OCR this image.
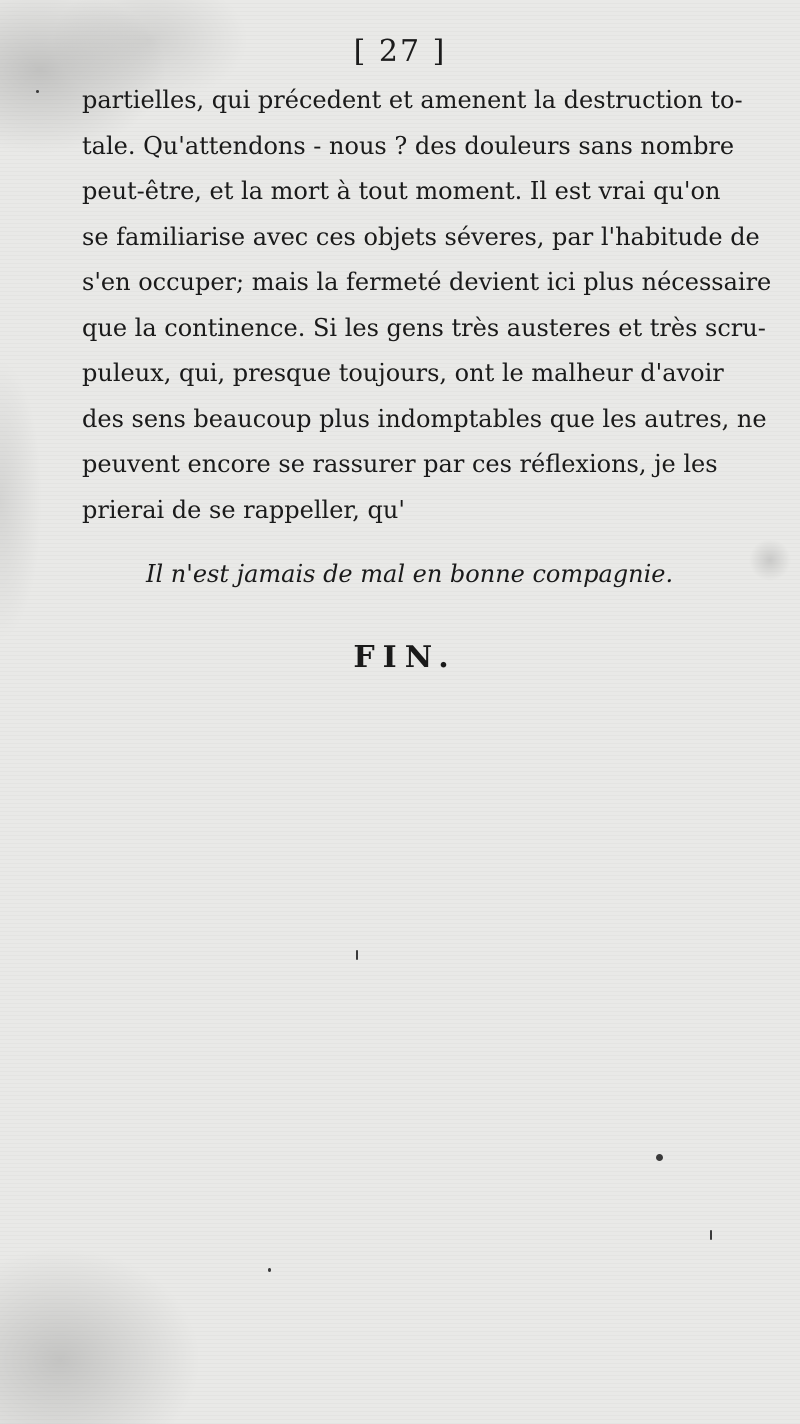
[ 27 ]
partielles, qui précedent et amenent la destruction to-
tale. Qu'attendons - nous ? des douleurs sans nombre
peut-être, et la mort à tout moment. Il est vrai qu'on
se familiarise avec ces objets séveres, par l'habitude de
s'en occuper; mais la fermeté devient ici plus nécessaire
que la continence. Si les gens très austeres et très scru-
puleux, qui, presque toujours, ont le malheur d'avoir
des sens beaucoup plus indomptables que les autres, ne
peuvent encore se rassurer par ces réflexions, je les
prierai de se rappeller, qu'
Il n'est jamais de mal en bonne compagnie.
FIN.
